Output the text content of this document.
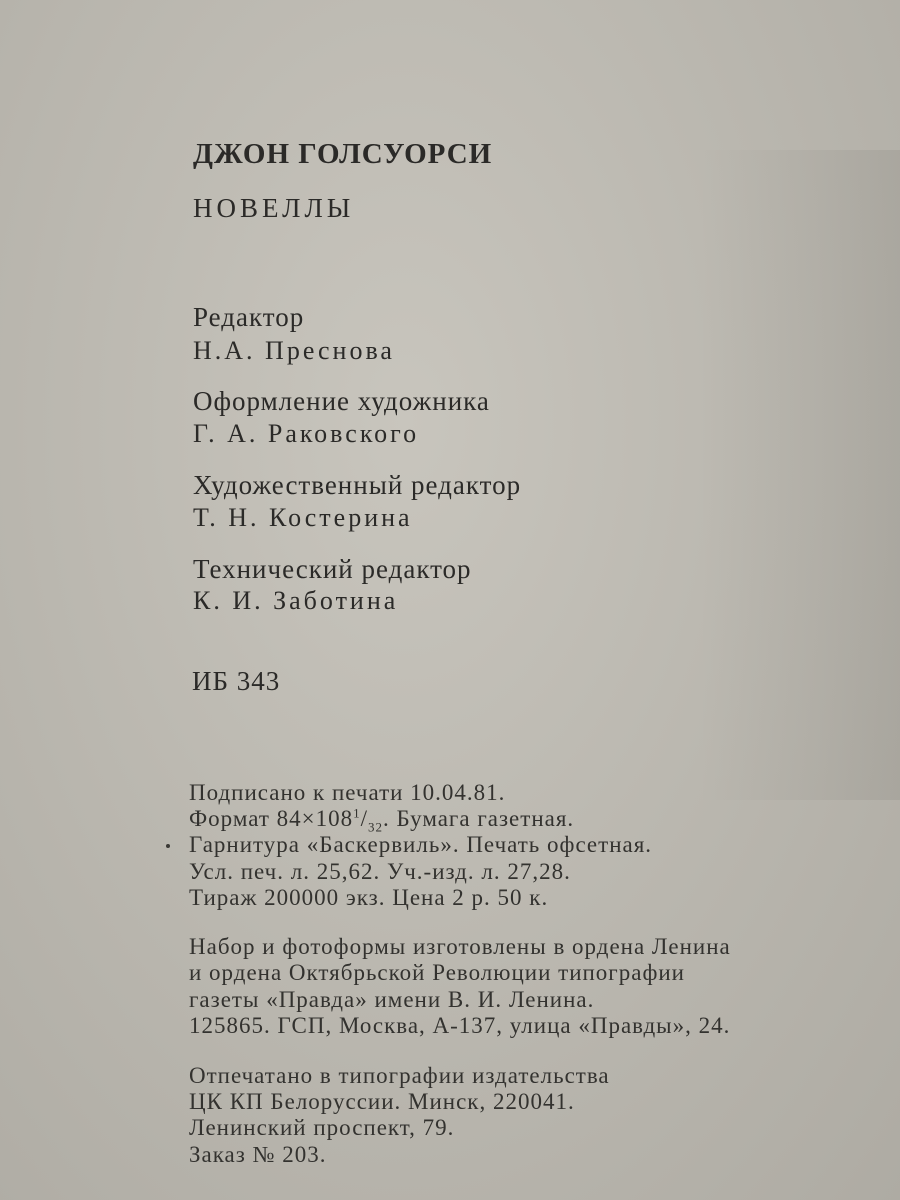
ДЖОН ГОЛСУОРСИ
НОВЕЛЛЫ
Редактор
Н.А. Преснова
Оформление художника
Г. А. Раковского
Художественный редактор
Т. Н. Костерина
Технический редактор
К. И. Заботина
ИБ 343
Подписано к печати 10.04.81.
Формат $84\times 108^1/_{32}$. Бумага газетная.
Гарнитура «Баскервиль». Печать офсетная.
Усл. печ. л. 25,62. Уч.-изд. л. 27,28.
Тираж 200000 экз. Цена 2 р. 50 к.
Набор и фотоформы изготовлены в ордена Ленина
и ордена Октябрьской Революции типографии
газеты «Правда» имени В. И. Ленина.
125865. ГСП, Москва, А-137, улица «Правды», 24.
Отпечатано в типографии издательства
ЦК КП Белоруссии. Минск, 220041.
Ленинский проспект, 79.
Заказ № 203.
